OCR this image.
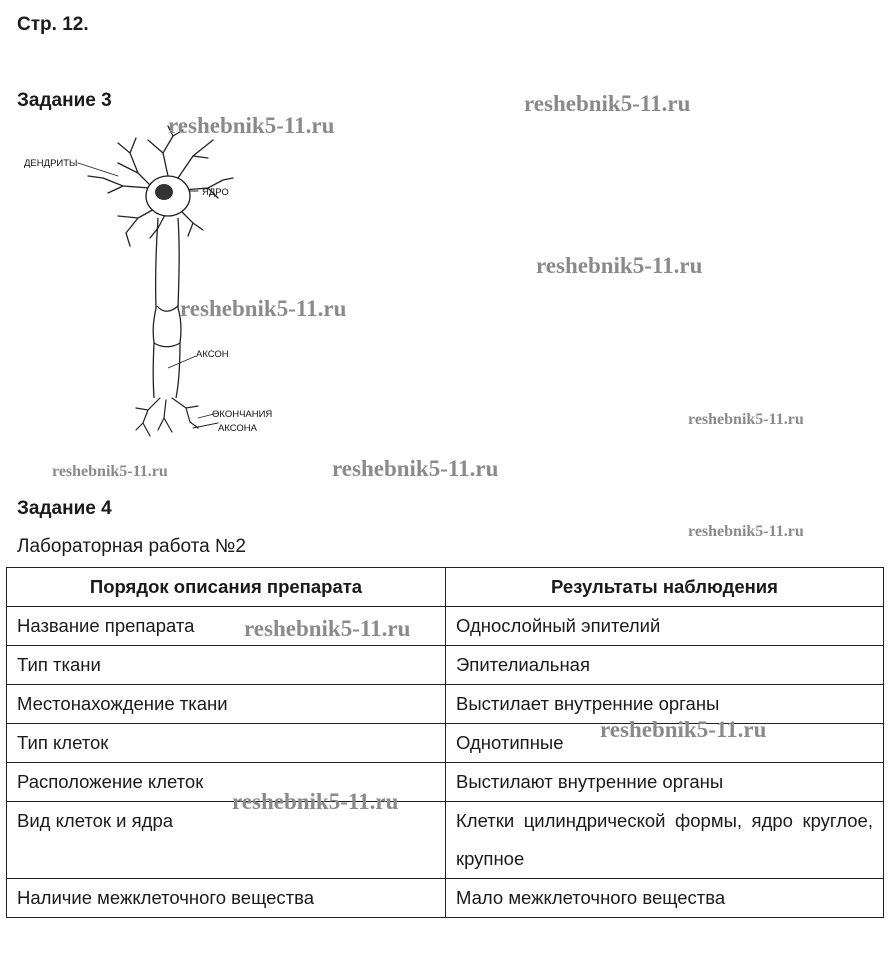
Стр. 12.
Задание 3
ДЕНДРИТЫ
ЯДРО
АКСОН
ОКОНЧАНИЯ
АКСОНА
Задание 4
Лабораторная работа №2
Порядок описания препарата	Результаты наблюдения
Название препарата	Однослойный эпителий
Тип ткани	Эпителиальная
Местонахождение ткани	Выстилает внутренние органы
Тип клеток	Однотипные
Расположение клеток	Выстилают внутренние органы
Вид клеток и ядра	Клетки цилиндрической формы, ядро круглое, крупное
Наличие межклеточного вещества	Мало межклеточного вещества
reshebnik5-11.ru
reshebnik5-11.ru
reshebnik5-11.ru
reshebnik5-11.ru
reshebnik5-11.ru
reshebnik5-11.ru	reshebnik5-11.ru
reshebnik5-11.ru
reshebnik5-11.ru
reshebnik5-11.ru
reshebnik5-11.ru
